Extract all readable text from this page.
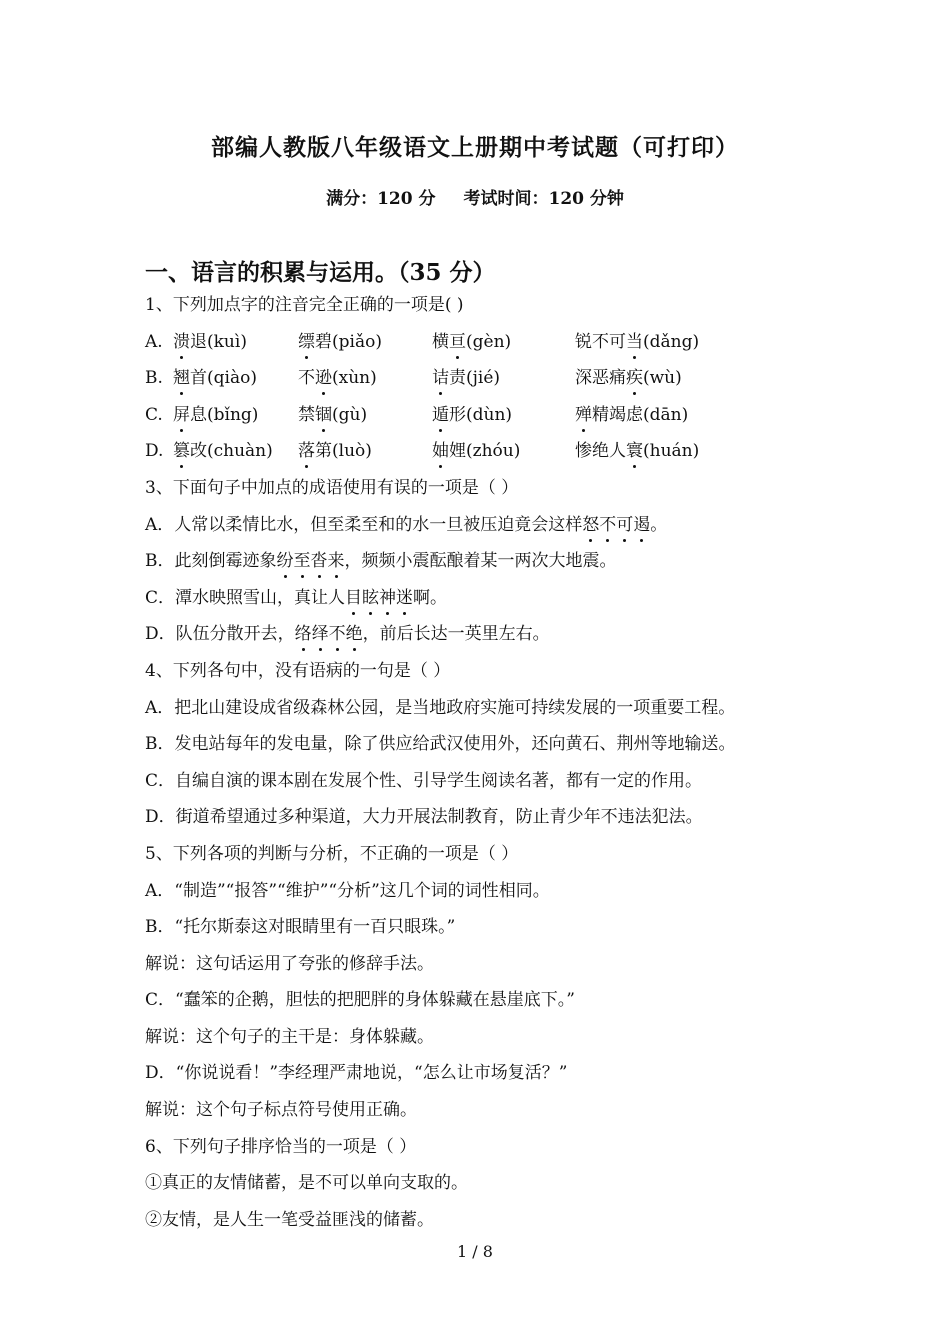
部编人教版八年级语文上册期中考试题（可打印）
满分：120 分 考试时间：120 分钟
一、语言的积累与运用。（35 分）
1、下列加点字的注音完全正确的一项是( )
A. 溃退(kuì)	缥碧(piǎo)	横亘(gèn)	锐不可当(dǎng)
B. 翘首(qiào)	不逊(xùn)	诘责(jié)	深恶痛疾(wù)
C. 屏息(bǐng)	禁锢(gù)	遁形(dùn)	殚精竭虑(dān)
D. 篡改(chuàn)	落第(luò)	妯娌(zhóu)	惨绝人寰(huán)
3、下面句子中加点的成语使用有误的一项是（ ）
A．人常以柔情比水，但至柔至和的水一旦被压迫竟会这样怒不可遏。
B．此刻倒霉迹象纷至沓来，频频小震酝酿着某一两次大地震。
C．潭水映照雪山，真让人目眩神迷啊。
D．队伍分散开去，络绎不绝，前后长达一英里左右。
4、下列各句中，没有语病的一句是（ ）
A．把北山建设成省级森林公园，是当地政府实施可持续发展的一项重要工程。
B．发电站每年的发电量，除了供应给武汉使用外，还向黄石、荆州等地输送。
C．自编自演的课本剧在发展个性、引导学生阅读名著，都有一定的作用。
D．街道希望通过多种渠道，大力开展法制教育，防止青少年不违法犯法。
5、下列各项的判断与分析，不正确的一项是（ ）
A．“制造”“报答”“维护”“分析”这几个词的词性相同。
B．“托尔斯泰这对眼睛里有一百只眼珠。”
解说：这句话运用了夸张的修辞手法。
C．“蠢笨的企鹅，胆怯的把肥胖的身体躲藏在悬崖底下。”
解说：这个句子的主干是：身体躲藏。
D．“你说说看！”李经理严肃地说，“怎么让市场复活？”
解说：这个句子标点符号使用正确。
6、下列句子排序恰当的一项是（ ）
①真正的友情储蓄，是不可以单向支取的。
②友情，是人生一笔受益匪浅的储蓄。
1 / 8
